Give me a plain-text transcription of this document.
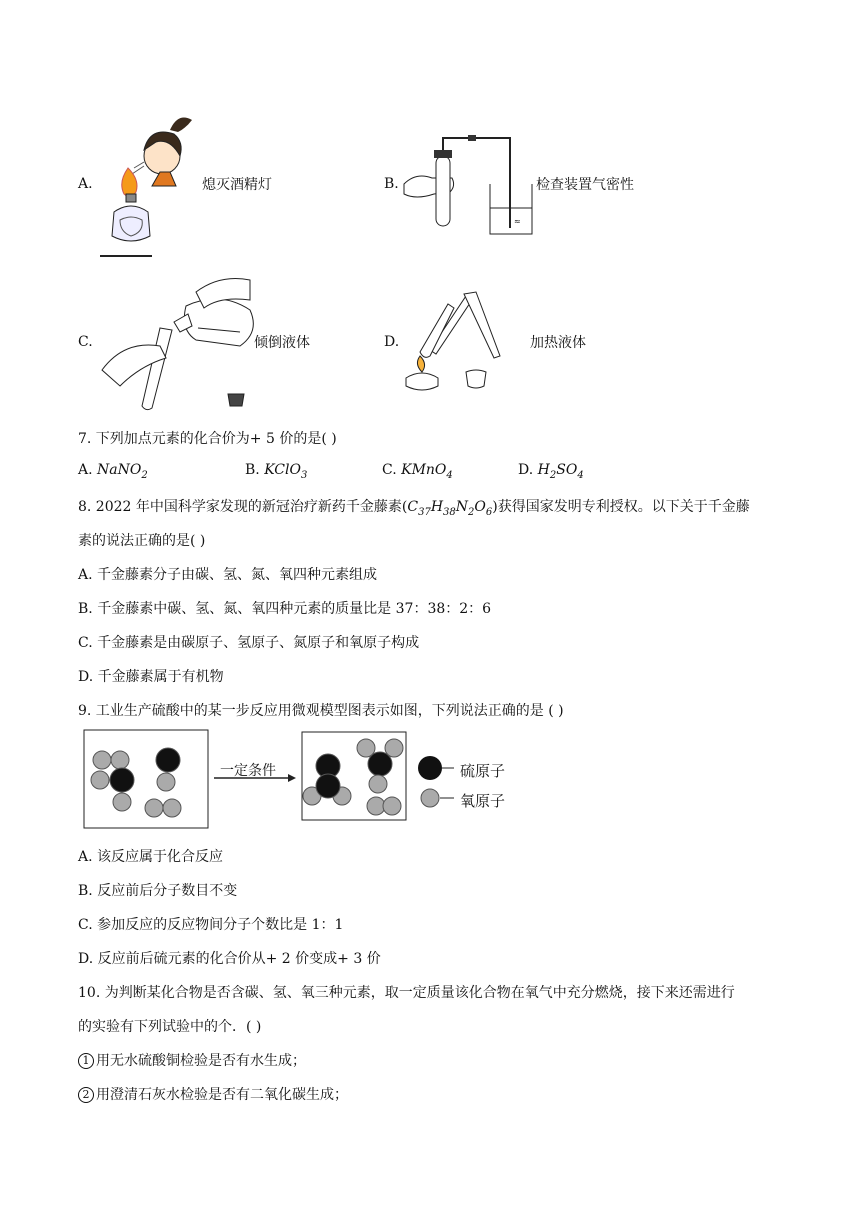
A.	熄灭酒精灯	B.
≈
检查装置气密性
C.	倾倒液体	D.	加热液体
7. 下列加点元素的化合价为+ 5 价的是( )
A. NaNO$_2$	B. KClO$_3$	C. KMnO$_4$	D. $H_2SO_4$
8. 2022 年中国科学家发现的新冠治疗新药千金藤素$(C_{37}H_{38}N_2O_6)$获得国家发明专利授权。以下关于千金藤
素的说法正确的是( )
A. 千金藤素分子由碳、氢、氮、氧四种元素组成
B. 千金藤素中碳、氢、氮、氧四种元素的质量比是 37：38：2：6
C. 千金藤素是由碳原子、氢原子、氮原子和氧原子构成
D. 千金藤素属于有机物
9. 工业生产硫酸中的某一步反应用微观模型图表示如图，下列说法正确的是 ( )
一定条件	硫原子
氧原子
A. 该反应属于化合反应
B. 反应前后分子数目不变
C. 参加反应的反应物间分子个数比是 1：1
D. 反应前后硫元素的化合价从+ 2 价变成+ 3 价
10. 为判断某化合物是否含碳、氢、氧三种元素，取一定质量该化合物在氧气中充分燃烧，接下来还需进行
的实验有下列试验中的个．( )
1 用无水硫酸铜检验是否有水生成；
2 用澄清石灰水检验是否有二氧化碳生成；
